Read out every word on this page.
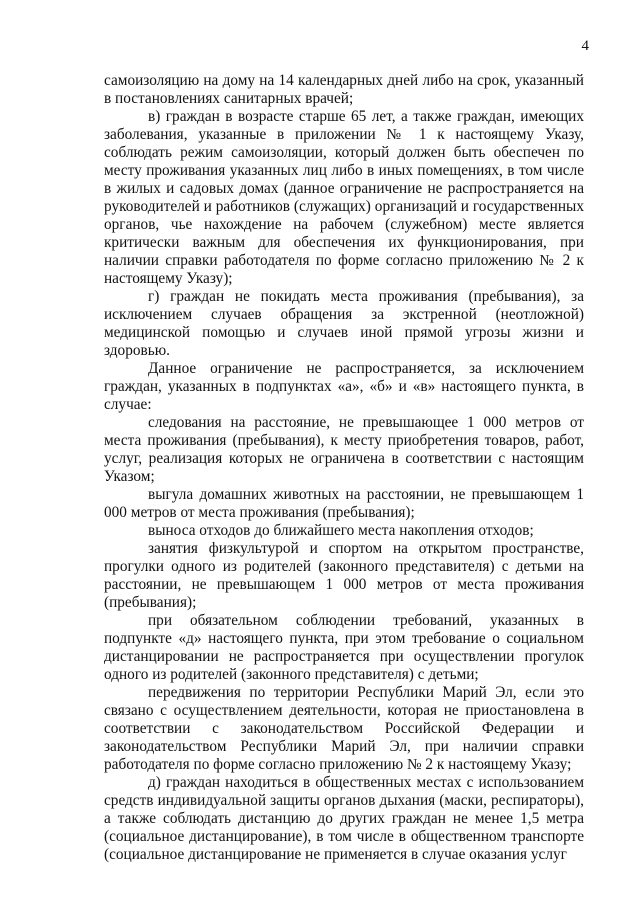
4

самоизоляцию на дому на 14 календарных дней либо на срок, указанный в постановлениях санитарных врачей;

в) граждан в возрасте старше 65 лет, а также граждан, имеющих заболевания, указанные в приложении № 1 к настоящему Указу, соблюдать режим самоизоляции, который должен быть обеспечен по месту проживания указанных лиц либо в иных помещениях, в том числе в жилых и садовых домах (данное ограничение не распространяется на руководителей и работников (служащих) организаций и государственных органов, чье нахождение на рабочем (служебном) месте является критически важным для обеспечения их функционирования, при наличии справки работодателя по форме согласно приложению № 2 к настоящему Указу);

г) граждан не покидать места проживания (пребывания), за исключением случаев обращения за экстренной (неотложной) медицинской помощью и случаев иной прямой угрозы жизни и здоровью.

Данное ограничение не распространяется, за исключением граждан, указанных в подпунктах «а», «б» и «в» настоящего пункта, в случае:

следования на расстояние, не превышающее 1 000 метров от места проживания (пребывания), к месту приобретения товаров, работ, услуг, реализация которых не ограничена в соответствии с настоящим Указом;

выгула домашних животных на расстоянии, не превышающем 1 000 метров от места проживания (пребывания);

выноса отходов до ближайшего места накопления отходов;

занятия физкультурой и спортом на открытом пространстве, прогулки одного из родителей (законного представителя) с детьми на расстоянии, не превышающем 1 000 метров от места проживания (пребывания);

при обязательном соблюдении требований, указанных в подпункте «д» настоящего пункта, при этом требование о социальном дистанцировании не распространяется при осуществлении прогулок одного из родителей (законного представителя) с детьми;

передвижения по территории Республики Марий Эл, если это связано с осуществлением деятельности, которая не приостановлена в соответствии с законодательством Российской Федерации и законодательством Республики Марий Эл, при наличии справки работодателя по форме согласно приложению № 2 к настоящему Указу;

д) граждан находиться в общественных местах с использованием средств индивидуальной защиты органов дыхания (маски, респираторы), а также соблюдать дистанцию до других граждан не менее 1,5 метра (социальное дистанцирование), в том числе в общественном транспорте (социальное дистанцирование не применяется в случае оказания услуг
